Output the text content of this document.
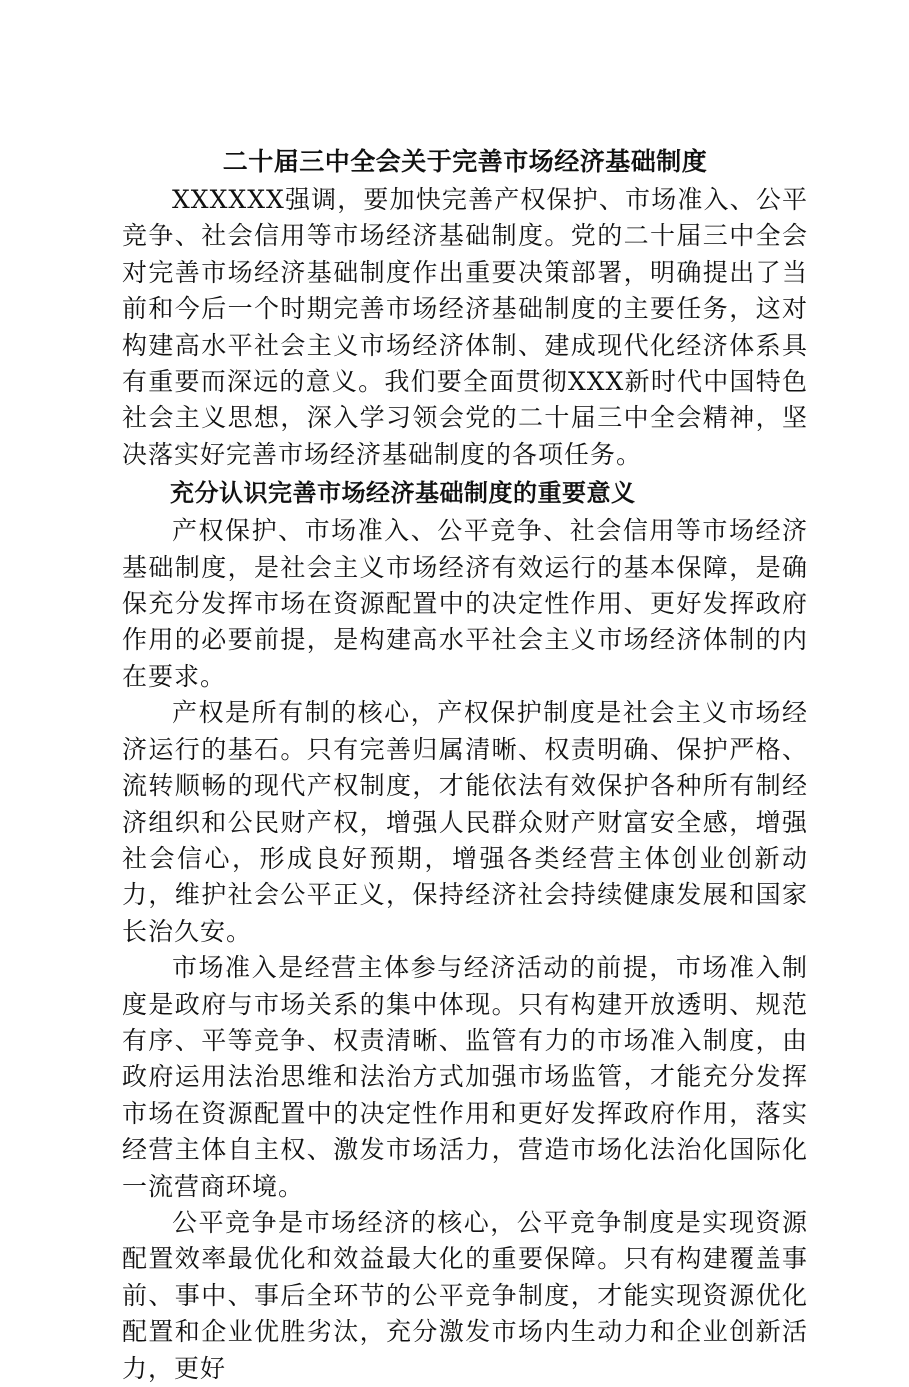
二十届三中全会关于完善市场经济基础制度

XXXXXX强调，要加快完善产权保护、市场准入、公平竞争、社会信用等市场经济基础制度。党的二十届三中全会对完善市场经济基础制度作出重要决策部署，明确提出了当前和今后一个时期完善市场经济基础制度的主要任务，这对构建高水平社会主义市场经济体制、建成现代化经济体系具有重要而深远的意义。我们要全面贯彻XXX新时代中国特色社会主义思想，深入学习领会党的二十届三中全会精神，坚决落实好完善市场经济基础制度的各项任务。

充分认识完善市场经济基础制度的重要意义

产权保护、市场准入、公平竞争、社会信用等市场经济基础制度，是社会主义市场经济有效运行的基本保障，是确保充分发挥市场在资源配置中的决定性作用、更好发挥政府作用的必要前提，是构建高水平社会主义市场经济体制的内在要求。

产权是所有制的核心，产权保护制度是社会主义市场经济运行的基石。只有完善归属清晰、权责明确、保护严格、流转顺畅的现代产权制度，才能依法有效保护各种所有制经济组织和公民财产权，增强人民群众财产财富安全感，增强社会信心，形成良好预期，增强各类经营主体创业创新动力，维护社会公平正义，保持经济社会持续健康发展和国家长治久安。

市场准入是经营主体参与经济活动的前提，市场准入制度是政府与市场关系的集中体现。只有构建开放透明、规范有序、平等竞争、权责清晰、监管有力的市场准入制度，由政府运用法治思维和法治方式加强市场监管，才能充分发挥市场在资源配置中的决定性作用和更好发挥政府作用，落实经营主体自主权、激发市场活力，营造市场化法治化国际化一流营商环境。

公平竞争是市场经济的核心，公平竞争制度是实现资源配置效率最优化和效益最大化的重要保障。只有构建覆盖事前、事中、事后全环节的公平竞争制度，才能实现资源优化配置和企业优胜劣汰，充分激发市场内生动力和企业创新活力，更好
